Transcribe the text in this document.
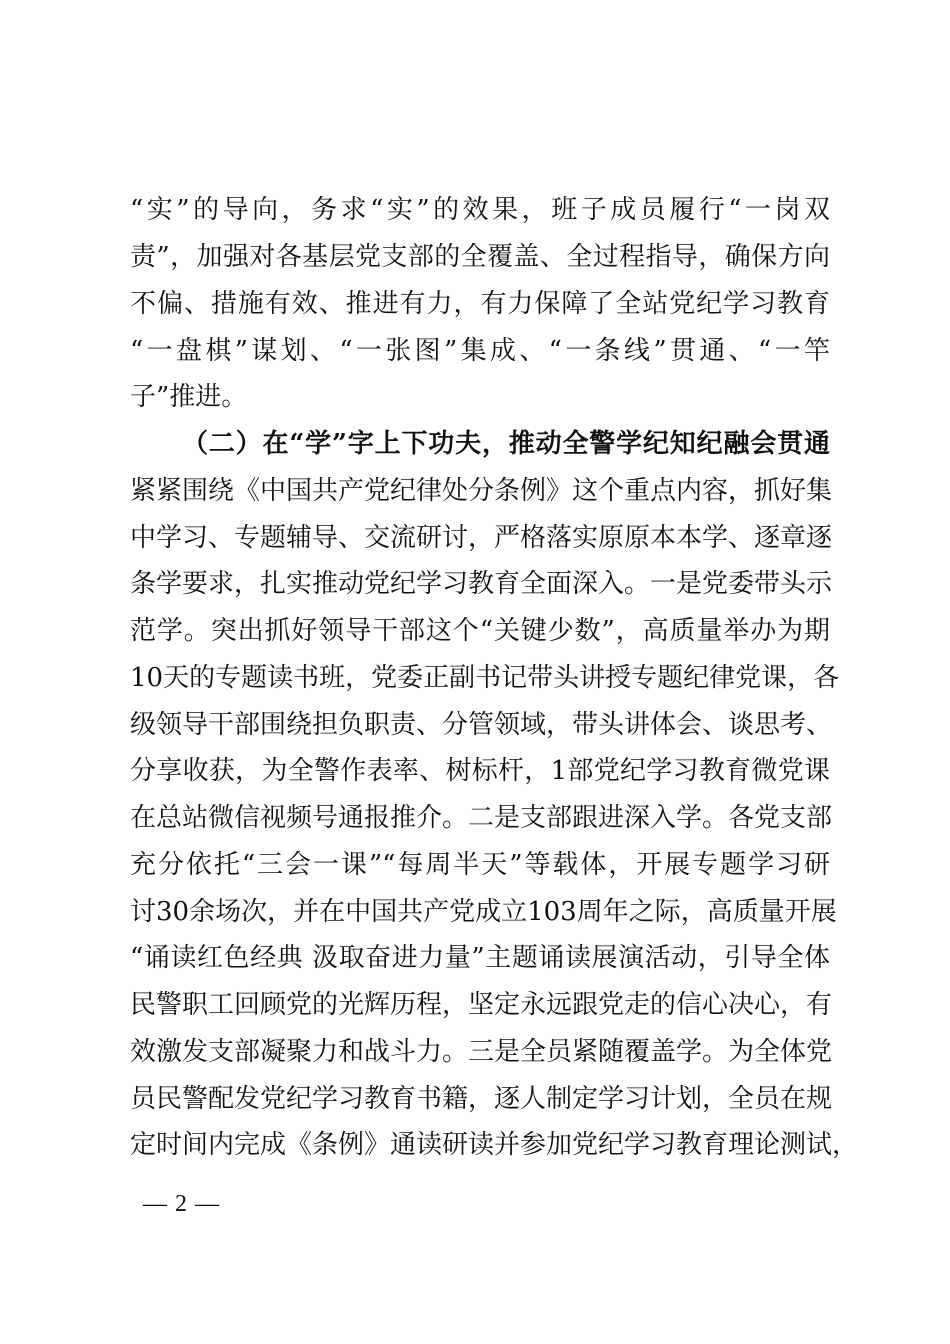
“实”的导向，务求“实”的效果，班子成员履行“一岗双
责”，加强对各基层党支部的全覆盖、全过程指导，确保方向
不偏、措施有效、推进有力，有力保障了全站党纪学习教育
“一盘棋”谋划、“一张图”集成、“一条线”贯通、“一竿
子”推进。
（二）在“学”字上下功夫，推动全警学纪知纪融会贯通
紧紧围绕《中国共产党纪律处分条例》这个重点内容，抓好集
中学习、专题辅导、交流研讨，严格落实原原本本学、逐章逐
条学要求，扎实推动党纪学习教育全面深入。一是党委带头示
范学。突出抓好领导干部这个“关键少数”，高质量举办为期
10天的专题读书班，党委正副书记带头讲授专题纪律党课，各
级领导干部围绕担负职责、分管领域，带头讲体会、谈思考、
分享收获，为全警作表率、树标杆，1部党纪学习教育微党课
在总站微信视频号通报推介。二是支部跟进深入学。各党支部
充分依托“三会一课”“每周半天”等载体，开展专题学习研
讨30余场次，并在中国共产党成立103周年之际，高质量开展
“诵读红色经典 汲取奋进力量”主题诵读展演活动，引导全体
民警职工回顾党的光辉历程，坚定永远跟党走的信心决心，有
效激发支部凝聚力和战斗力。三是全员紧随覆盖学。为全体党
员民警配发党纪学习教育书籍，逐人制定学习计划，全员在规
定时间内完成《条例》通读研读并参加党纪学习教育理论测试，
— 2 —
